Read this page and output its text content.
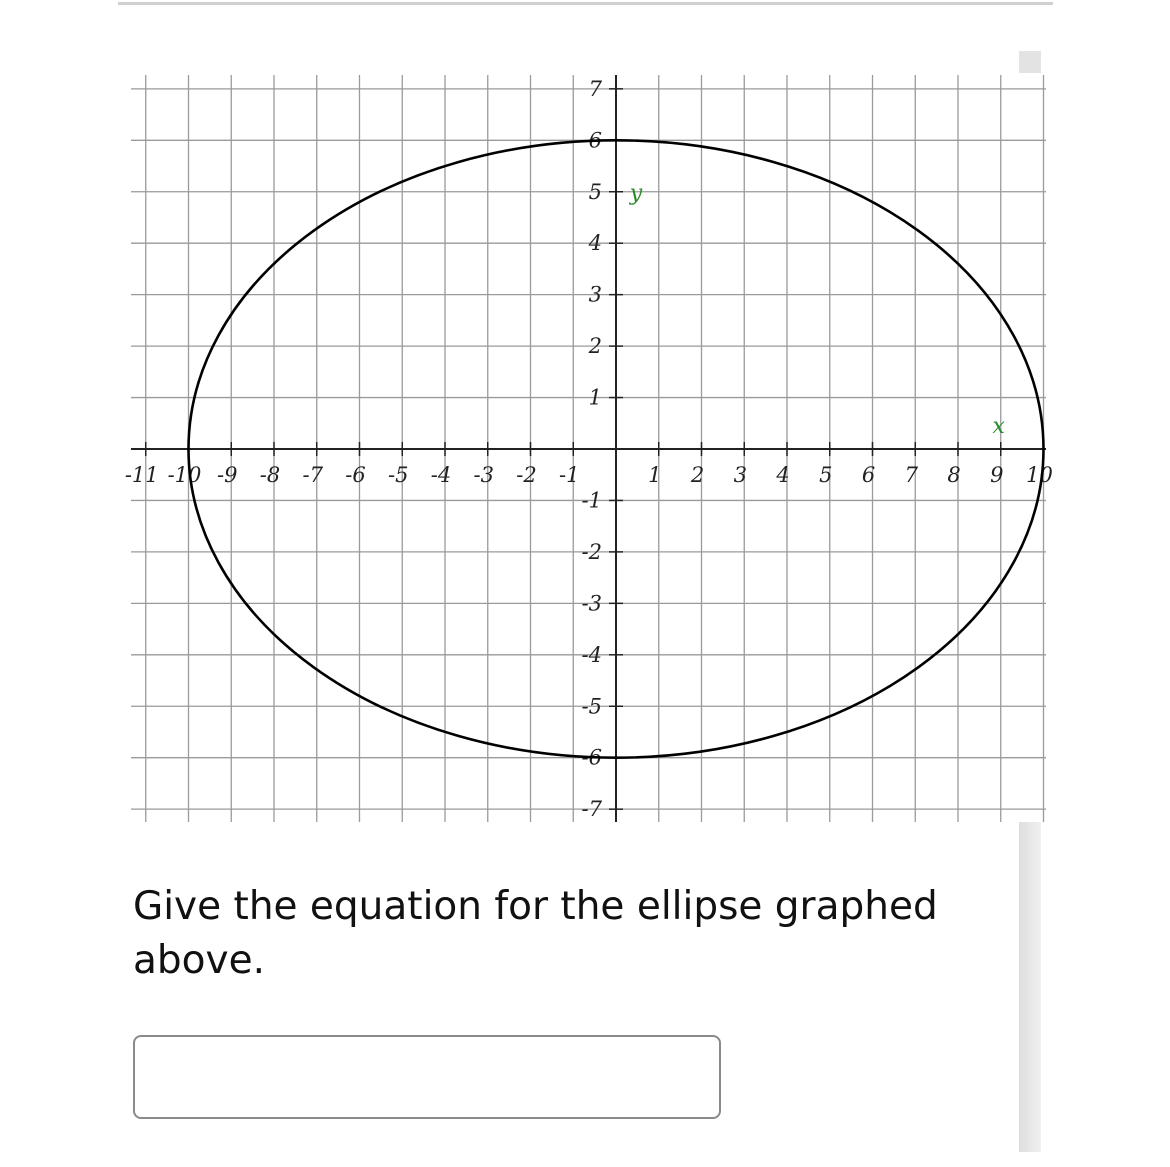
-11 -10 -9 -8 -7 -6 -5 -4 -3 -2 -1	1 2 3 4 5 6 7 8 9 10
7
6
5
4
3
2
1
-1
-2
-3
-4
-5
-6
-7
x
y
Give the equation for the ellipse graphed above.
